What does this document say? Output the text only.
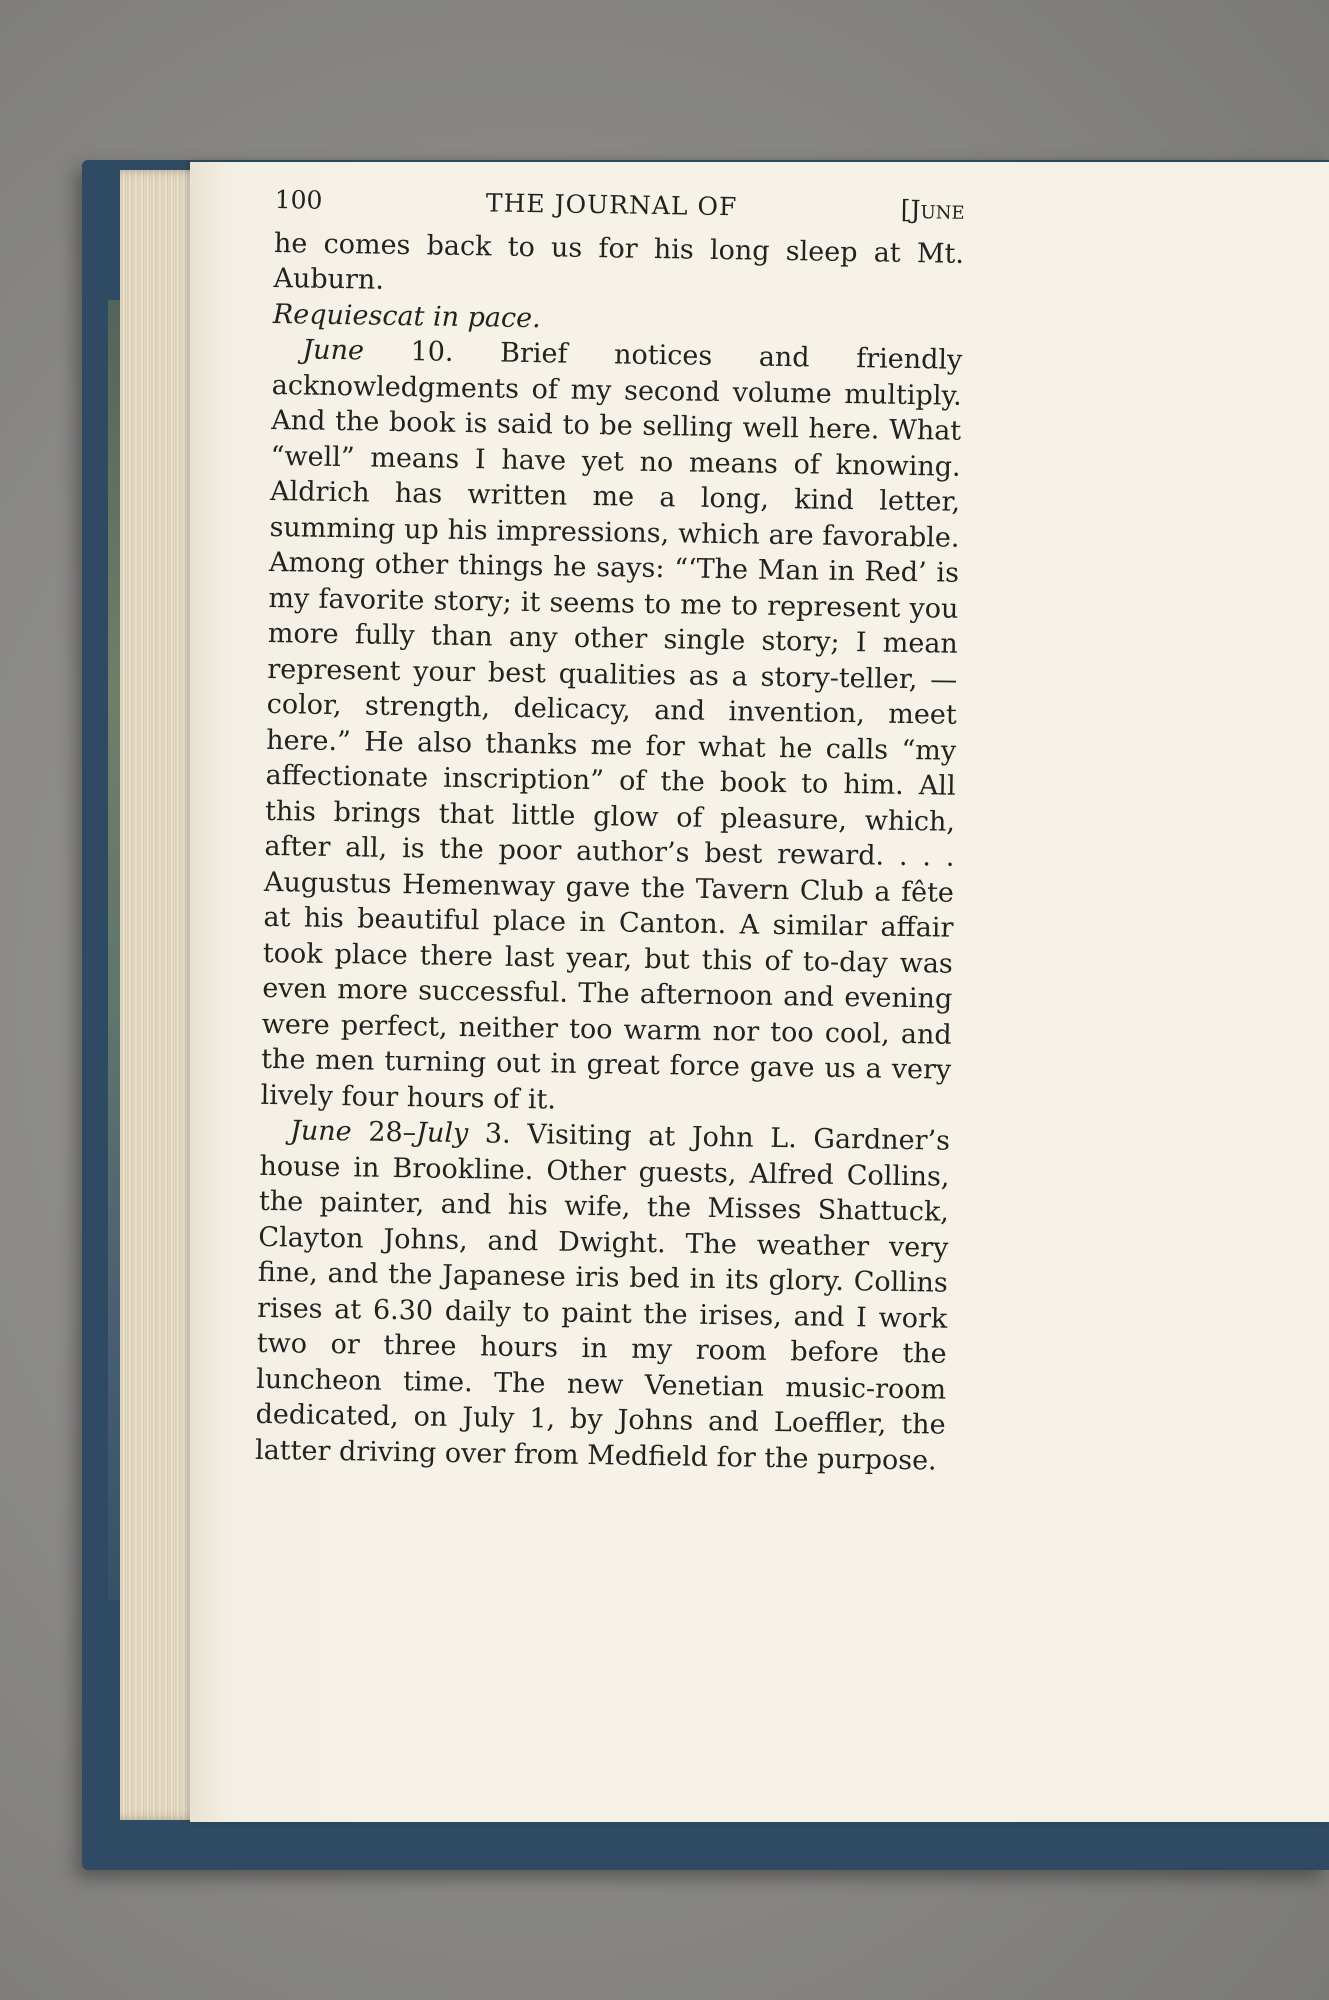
100	THE JOURNAL OF	[June

he comes back to us for his long sleep at Mt. Auburn.
Requiescat in pace.

June 10. Brief notices and friendly acknowledgments of my second volume multiply. And the book is said to be selling well here. What “well” means I have yet no means of knowing. Aldrich has written me a long, kind letter, summing up his impressions, which are favorable. Among other things he says: “‘The Man in Red’ is my favorite story; it seems to me to represent you more fully than any other single story; I mean represent your best qualities as a story-teller, — color, strength, delicacy, and invention, meet here.” He also thanks me for what he calls “my affectionate inscription” of the book to him. All this brings that little glow of pleasure, which, after all, is the poor author’s best reward. . . . Augustus Hemenway gave the Tavern Club a fête at his beautiful place in Canton. A similar affair took place there last year, but this of to-day was even more successful. The afternoon and evening were perfect, neither too warm nor too cool, and the men turning out in great force gave us a very lively four hours of it.

June 28–July 3. Visiting at John L. Gardner’s house in Brookline. Other guests, Alfred Collins, the painter, and his wife, the Misses Shattuck, Clayton Johns, and Dwight. The weather very fine, and the Japanese iris bed in its glory. Collins rises at 6.30 daily to paint the irises, and I work two or three hours in my room before the luncheon time. The new Venetian music-room dedicated, on July 1, by Johns and Loeffler, the latter driving over from Medfield for the purpose.
